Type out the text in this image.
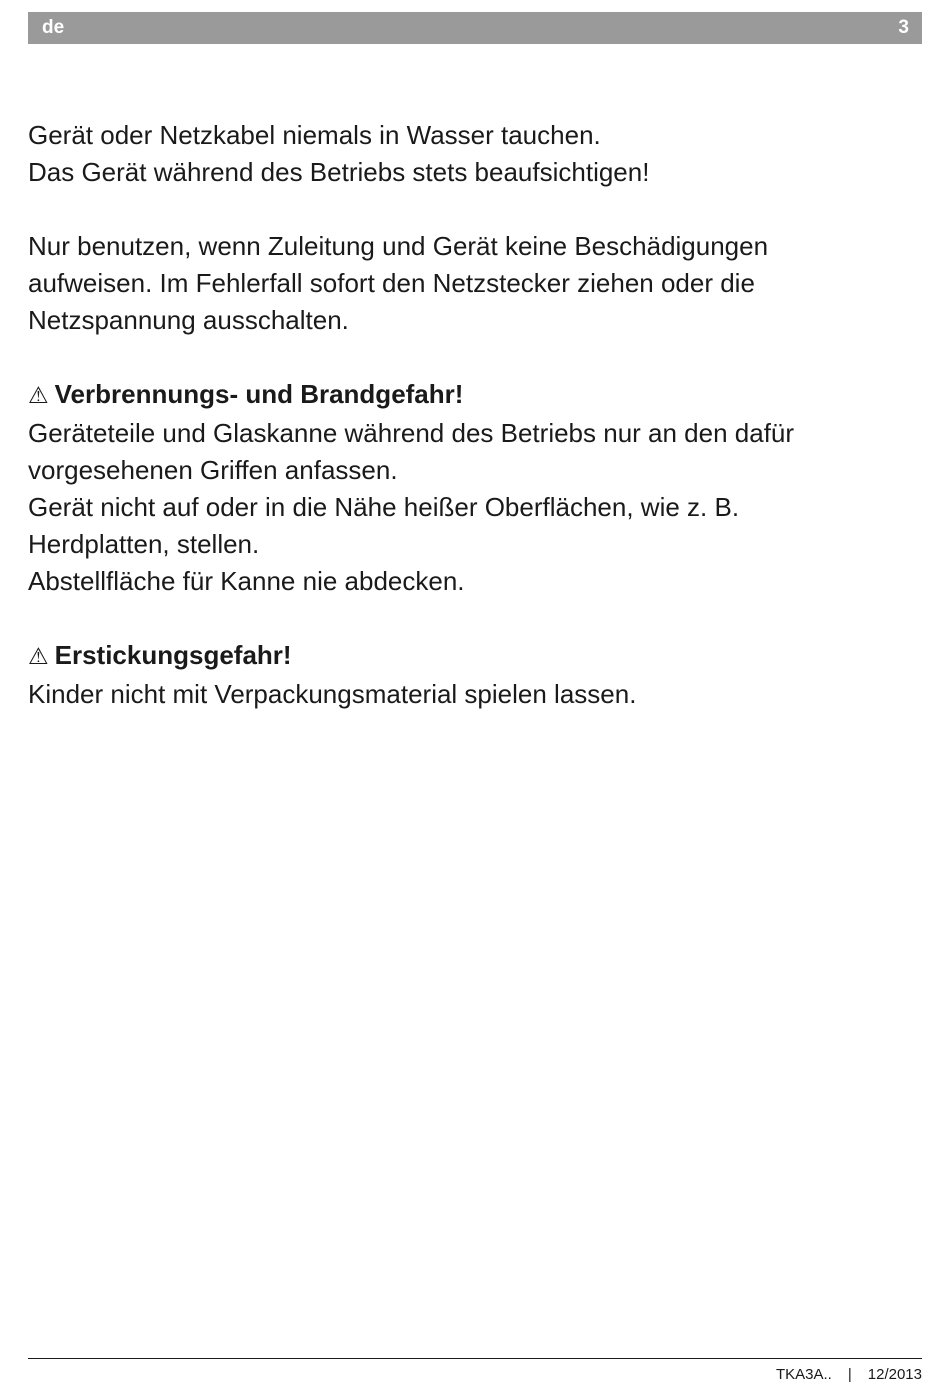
de	3
Gerät oder Netzkabel niemals in Wasser tauchen.
Das Gerät während des Betriebs stets beaufsichtigen!
Nur benutzen, wenn Zuleitung und Gerät keine Beschädigungen
aufweisen. Im Fehlerfall sofort den Netzstecker ziehen oder die
Netzspannung ausschalten.
⚠ Verbrennungs- und Brandgefahr!
Geräteteile und Glaskanne während des Betriebs nur an den dafür
vorgesehenen Griffen anfassen.
Gerät nicht auf oder in die Nähe heißer Oberflächen, wie z. B.
Herdplatten, stellen.
Abstellfläche für Kanne nie abdecken.
⚠ Erstickungsgefahr!
Kinder nicht mit Verpackungsmaterial spielen lassen.
TKA3A.. | 12/2013
